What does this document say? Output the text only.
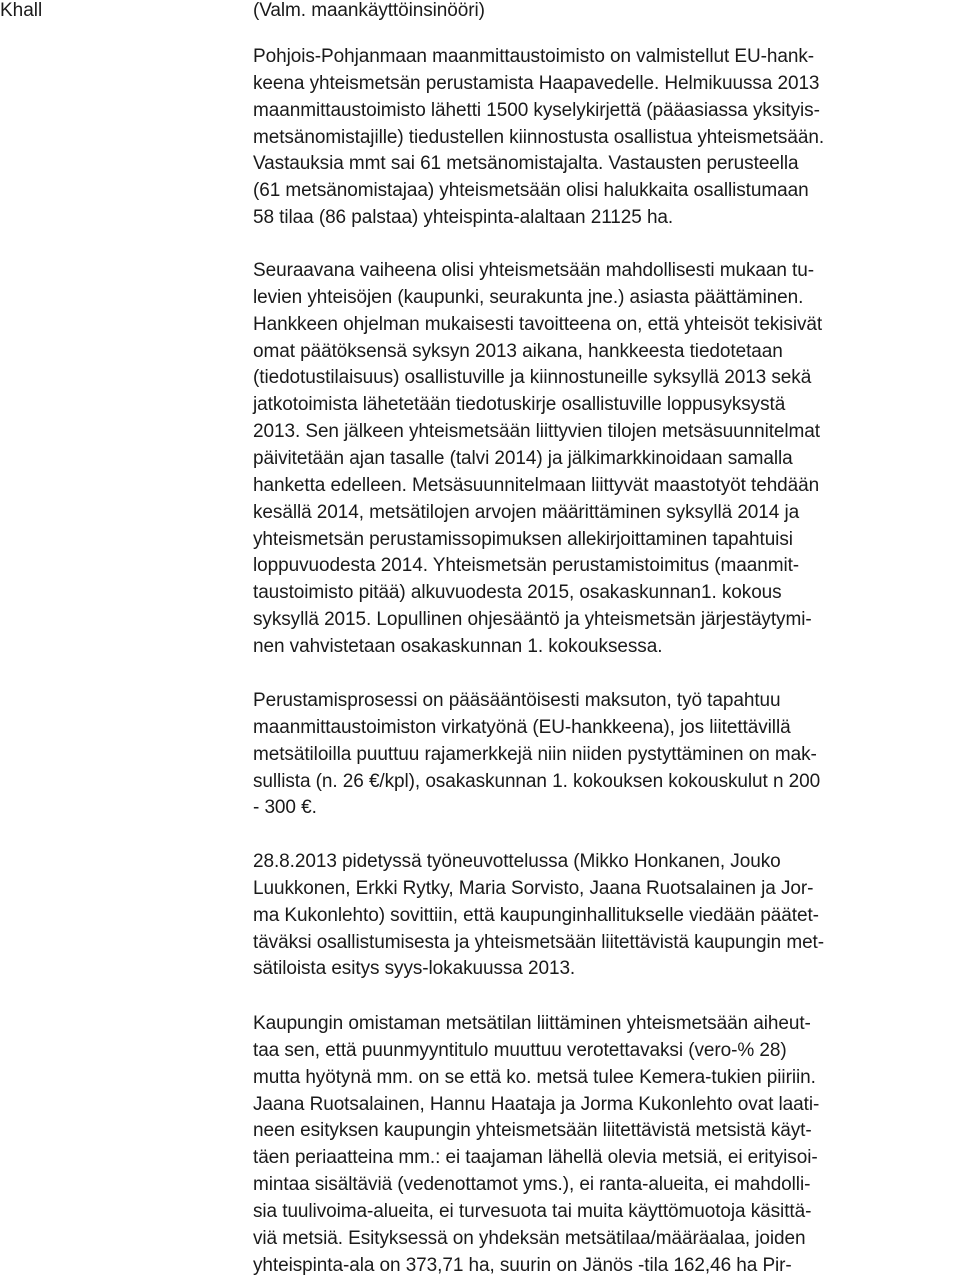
Khall	(Valm. maankäyttöinsinööri)
Pohjois-Pohjanmaan maanmittaustoimisto on valmistellut EU-hank-
keena yhteismetsän perustamista Haapavedelle. Helmikuussa 2013
maanmittaustoimisto lähetti 1500 kyselykirjettä (pääasiassa yksityis-
metsänomistajille) tiedustellen kiinnostusta osallistua yhteismetsään.
Vastauksia mmt sai 61 metsänomistajalta. Vastausten perusteella
(61 metsänomistajaa) yhteismetsään olisi halukkaita osallistumaan
58 tilaa (86 palstaa) yhteispinta-alaltaan 21125 ha.
Seuraavana vaiheena olisi yhteismetsään mahdollisesti mukaan tu-
levien yhteisöjen (kaupunki, seurakunta jne.) asiasta päättäminen.
Hankkeen ohjelman mukaisesti tavoitteena on, että yhteisöt tekisivät
omat päätöksensä syksyn 2013 aikana, hankkeesta tiedotetaan
(tiedotustilaisuus) osallistuville ja kiinnostuneille syksyllä 2013 sekä
jatkotoimista lähetetään tiedotuskirje osallistuville loppusyksystä
2013. Sen jälkeen yhteismetsään liittyvien tilojen metsäsuunnitelmat
päivitetään ajan tasalle (talvi 2014) ja jälkimarkkinoidaan samalla
hanketta edelleen. Metsäsuunnitelmaan liittyvät maastotyöt tehdään
kesällä 2014, metsätilojen arvojen määrittäminen syksyllä 2014 ja
yhteismetsän perustamissopimuksen allekirjoittaminen tapahtuisi
loppuvuodesta 2014. Yhteismetsän perustamistoimitus (maanmit-
taustoimisto pitää) alkuvuodesta 2015, osakaskunnan1. kokous
syksyllä 2015. Lopullinen ohjesääntö ja yhteismetsän järjestäytymi-
nen vahvistetaan osakaskunnan 1. kokouksessa.
Perustamisprosessi on pääsääntöisesti maksuton, työ tapahtuu
maanmittaustoimiston virkatyönä (EU-hankkeena), jos liitettävillä
metsätiloilla puuttuu rajamerkkejä niin niiden pystyttäminen on mak-
sullista (n. 26 €/kpl), osakaskunnan 1. kokouksen kokouskulut n 200
- 300 €.
28.8.2013 pidetyssä työneuvottelussa (Mikko Honkanen, Jouko
Luukkonen, Erkki Rytky, Maria Sorvisto, Jaana Ruotsalainen ja Jor-
ma Kukonlehto) sovittiin, että kaupunginhallitukselle viedään päätet-
täväksi osallistumisesta ja yhteismetsään liitettävistä kaupungin met-
sätiloista esitys syys-lokakuussa 2013.
Kaupungin omistaman metsätilan liittäminen yhteismetsään aiheut-
taa sen, että puunmyyntitulo muuttuu verotettavaksi (vero-% 28)
mutta hyötynä mm. on se että ko. metsä tulee Kemera-tukien piiriin.
Jaana Ruotsalainen, Hannu Haataja ja Jorma Kukonlehto ovat laati-
neen esityksen kaupungin yhteismetsään liitettävistä metsistä käyt-
täen periaatteina mm.: ei taajaman lähellä olevia metsiä, ei erityisoi-
mintaa sisältäviä (vedenottamot yms.), ei ranta-alueita, ei mahdolli-
sia tuulivoima-alueita, ei turvesuota tai muita käyttömuotoja käsittä-
viä metsiä. Esityksessä on yhdeksän metsätilaa/määräalaa, joiden
yhteispinta-ala on 373,71 ha, suurin on Jänös -tila 162,46 ha Pir-
